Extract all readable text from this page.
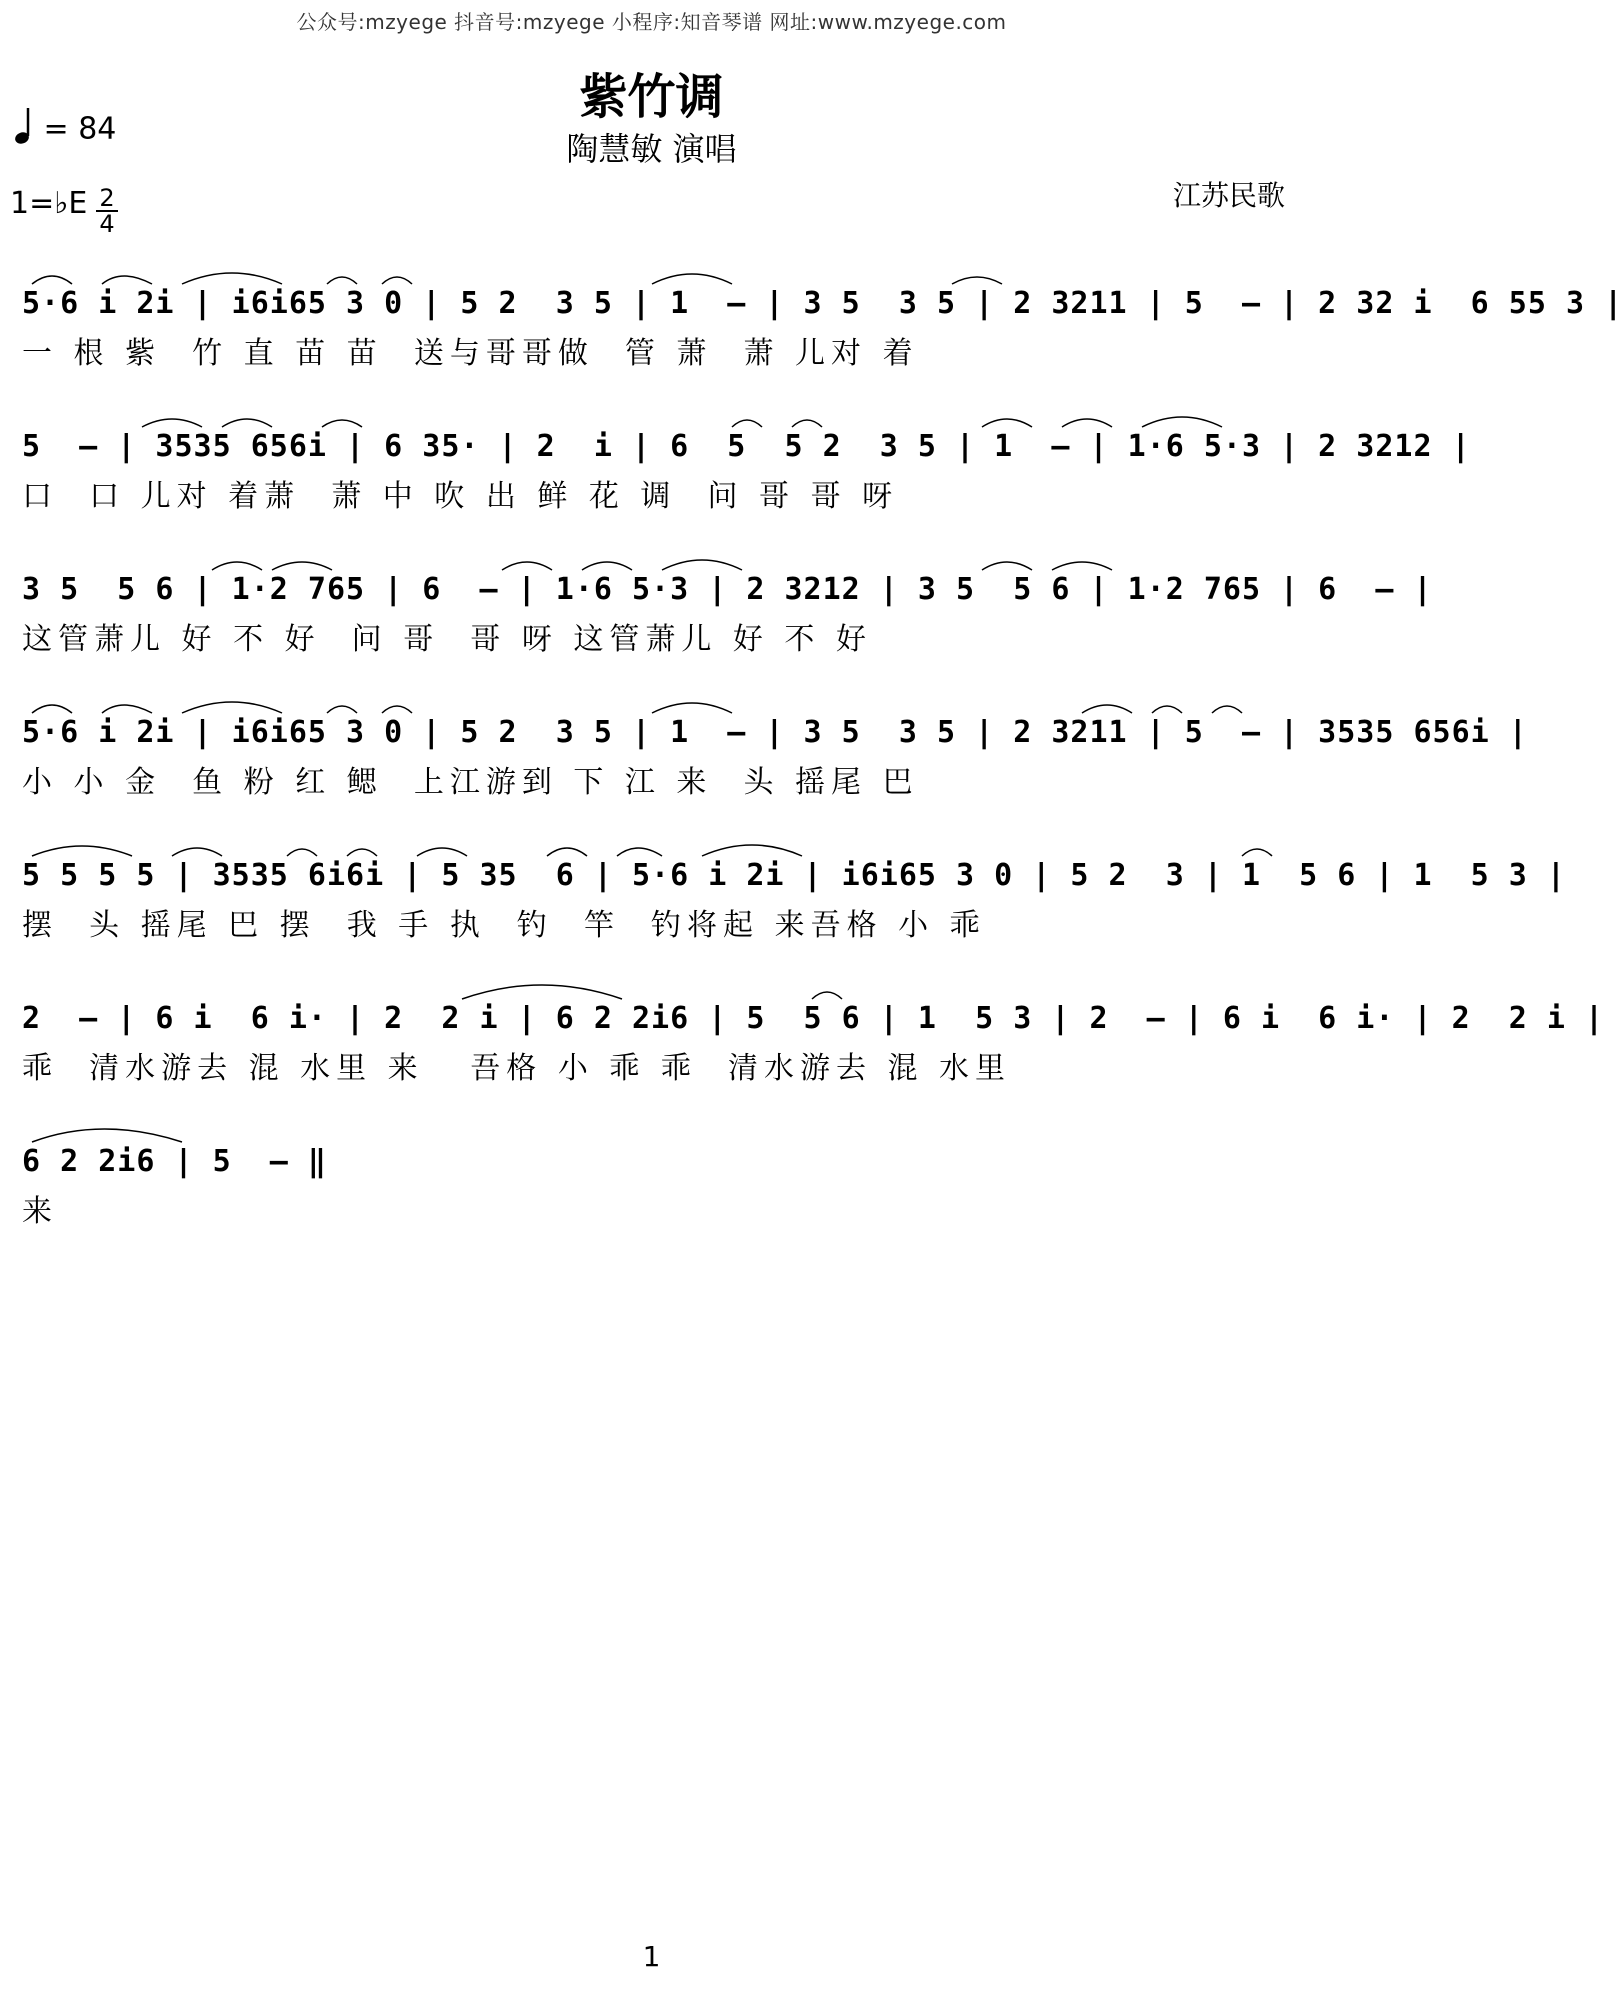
公众号:mzyege 抖音号:mzyege 小程序:知音琴谱 网址:www.mzyege.com
紫竹调
陶慧敏 演唱
= 84
1=♭E 2
4
江苏民歌
5·6 i 2i | i6i65 3 0 | 5 2  3 5 | 1  – | 3 5  3 5 | 2 3211 | 5  – | 2 32 i  6 55 3 |
一 根 紫  竹 直 苗 苗  送与哥哥做  管 萧  萧 儿对 着
5  – | 3535 656i | 6 35· | 2  i | 6  5  5 2  3 5 | 1  – | 1·6 5·3 | 2 3212 |
口  口 儿对 着萧  萧 中 吹 出 鲜 花 调  问 哥 哥 呀
3 5  5 6 | 1·2 765 | 6  – | 1·6 5·3 | 2 3212 | 3 5  5 6 | 1·2 765 | 6  – |
这管萧儿 好 不 好  问 哥  哥 呀 这管萧儿 好 不 好
5·6 i 2i | i6i65 3 0 | 5 2  3 5 | 1  – | 3 5  3 5 | 2 3211 | 5  – | 3535 656i |
小 小 金  鱼 粉 红 鳃  上江游到 下 江 来  头 摇尾 巴
5 5 5 5 | 3535 6i6i | 5 35  6 | 5·6 i 2i | i6i65 3 0 | 5 2  3 | 1  5 6 | 1  5 3 |
摆  头 摇尾 巴 摆  我 手 执  钓  竿  钓将起 来吾格 小 乖
2  – | 6 i  6 i· | 2  2 i | 6 2 2i6 | 5  5 6 | 1  5 3 | 2  – | 6 i  6 i· | 2  2 i |
乖  清水游去 混 水里 来   吾格 小 乖 乖  清水游去 混 水里
6 2 2i6 | 5  – ‖
来
1
